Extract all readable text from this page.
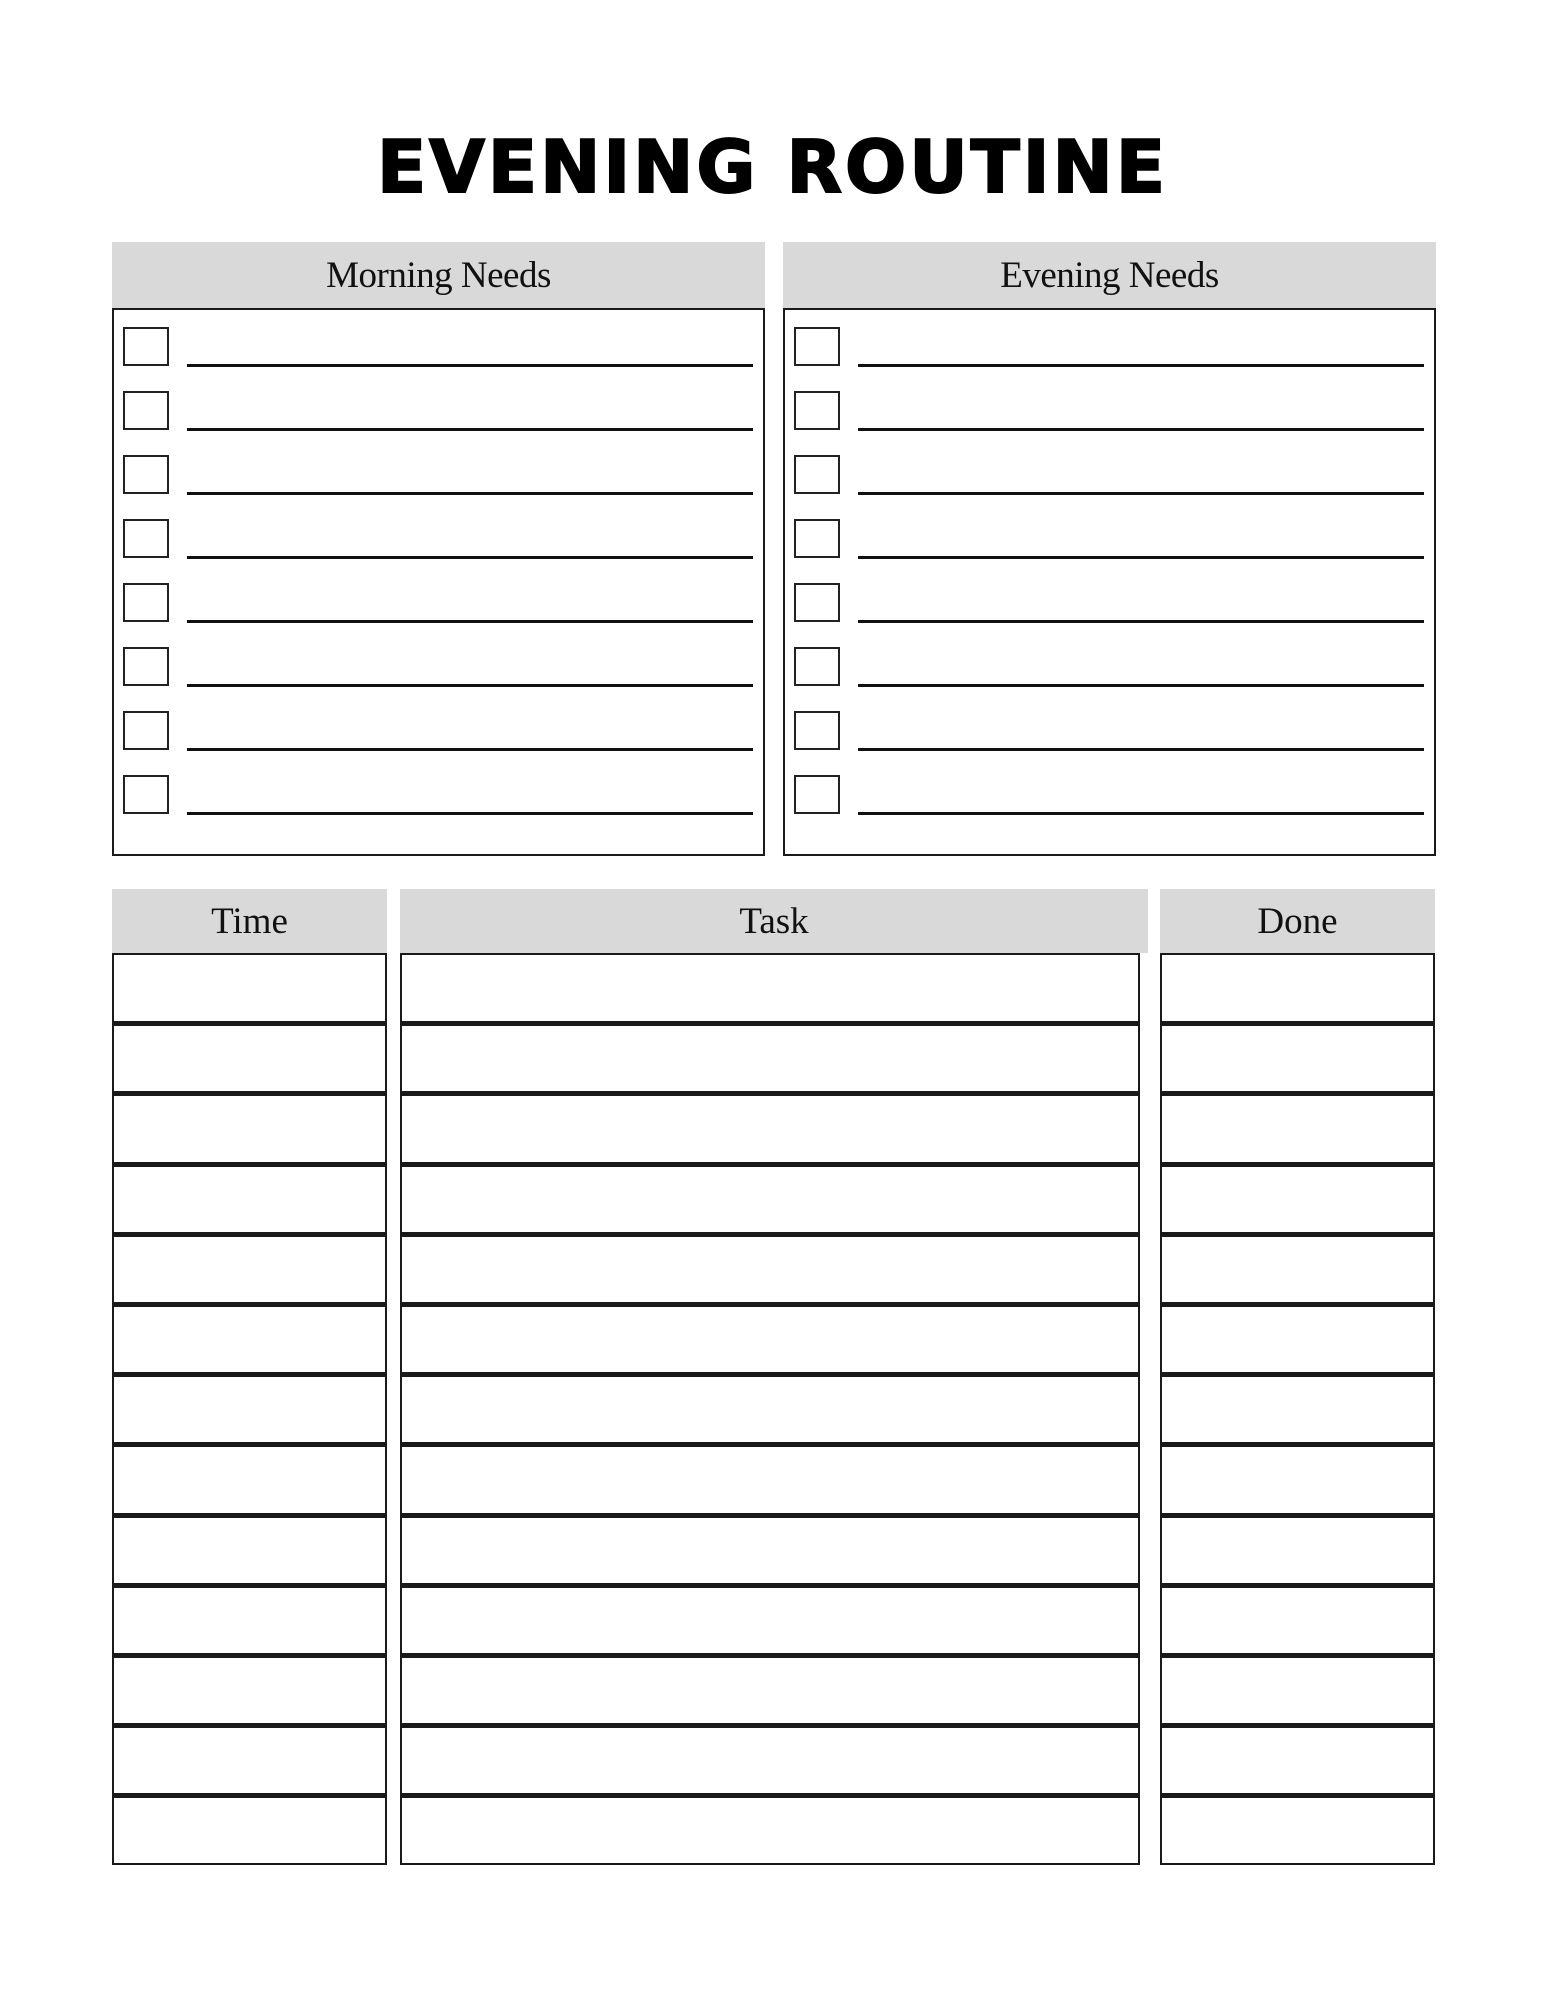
EVENING ROUTINE
Morning Needs	Evening Needs
Time	Task	Done
